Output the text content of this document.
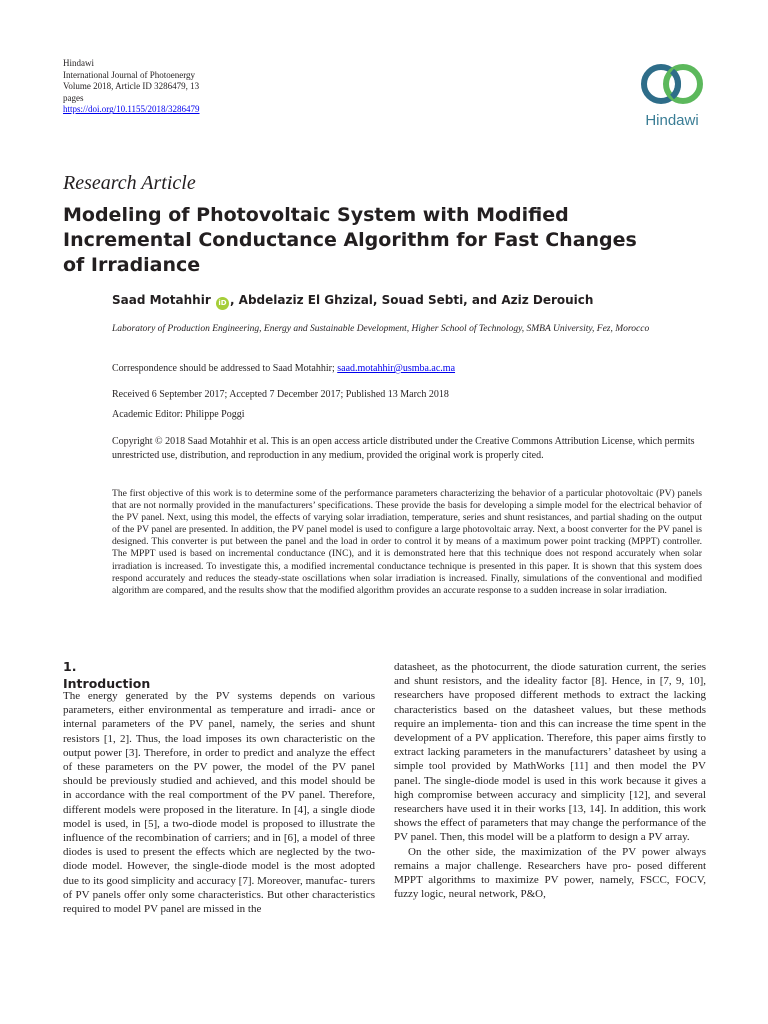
Hindawi
International Journal of Photoenergy
Volume 2018, Article ID 3286479, 13
pages
https://doi.org/10.1155/2018/3286479
Hindawi
Research Article
Modeling of Photovoltaic System with Modified Incremental Conductance Algorithm for Fast Changes of Irradiance
Saad Motahhir iD , Abdelaziz El Ghzizal, Souad Sebti, and Aziz Derouich
Laboratory of Production Engineering, Energy and Sustainable Development, Higher School of Technology, SMBA University, Fez, Morocco
Correspondence should be addressed to Saad Motahhir; saad.motahhir@usmba.ac.ma
Received 6 September 2017; Accepted 7 December 2017; Published 13 March 2018
Academic Editor: Philippe Poggi
Copyright © 2018 Saad Motahhir et al. This is an open access article distributed under the Creative Commons Attribution License, which permits unrestricted use, distribution, and reproduction in any medium, provided the original work is properly cited.
The first objective of this work is to determine some of the performance parameters characterizing the behavior of a particular photovoltaic (PV) panels that are not normally provided in the manufacturers’ specifications. These provide the basis for developing a simple model for the electrical behavior of the PV panel. Next, using this model, the effects of varying solar irradiation, temperature, series and shunt resistances, and partial shading on the output of the PV panel are presented. In addition, the PV panel model is used to configure a large photovoltaic array. Next, a boost converter for the PV panel is designed. This converter is put between the panel and the load in order to control it by means of a maximum power point tracking (MPPT) controller. The MPPT used is based on incremental conductance (INC), and it is demonstrated here that this technique does not respond accurately when solar irradiation is increased. To investigate this, a modified incremental conductance technique is presented in this paper. It is shown that this system does respond accurately and reduces the steady-state oscillations when solar irradiation is increased. Finally, simulations of the conventional and modified algorithm are compared, and the results show that the modified algorithm provides an accurate response to a sudden increase in solar irradiation.
1.
Introduction

The energy generated by the PV systems depends on various parameters, either environmental as temperature and irradi- ance or internal parameters of the PV panel, namely, the series and shunt resistors [1, 2]. Thus, the load imposes its own characteristic on the output power [3]. Therefore, in order to predict and analyze the effect of these parameters on the PV power, the model of the PV panel should be previously studied and achieved, and this model should be in accordance with the real comportment of the PV panel. Therefore, different models were proposed in the literature. In [4], a single diode model is used, in [5], a two-diode model is proposed to illustrate the influence of the recombination of carriers; and in [6], a model of three diodes is used to present the effects which are neglected by the two-diode model. However, the single-diode model is the most adopted due to its good simplicity and accuracy [7]. Moreover, manufac- turers of PV panels offer only some characteristics. But other characteristics required to model PV panel are missed in the

datasheet, as the photocurrent, the diode saturation current, the series and shunt resistors, and the ideality factor [8]. Hence, in [7, 9, 10], researchers have proposed different methods to extract the lacking characteristics based on the datasheet values, but these methods require an implementa- tion and this can increase the time spent in the development of a PV application. Therefore, this paper aims firstly to extract lacking parameters in the manufacturers’ datasheet by using a simple tool provided by MathWorks [11] and then model the PV panel. The single-diode model is used in this work because it gives a high compromise between accuracy and simplicity [12], and several researchers have used it in their works [13, 14]. In addition, this work shows the effect of parameters that may change the performance of the PV panel. Then, this model will be a platform to design a PV array.

On the other side, the maximization of the PV power always remains a major challenge. Researchers have pro- posed different MPPT algorithms to maximize PV power, namely, FSCC, FOCV, fuzzy logic, neural network, P&O,
